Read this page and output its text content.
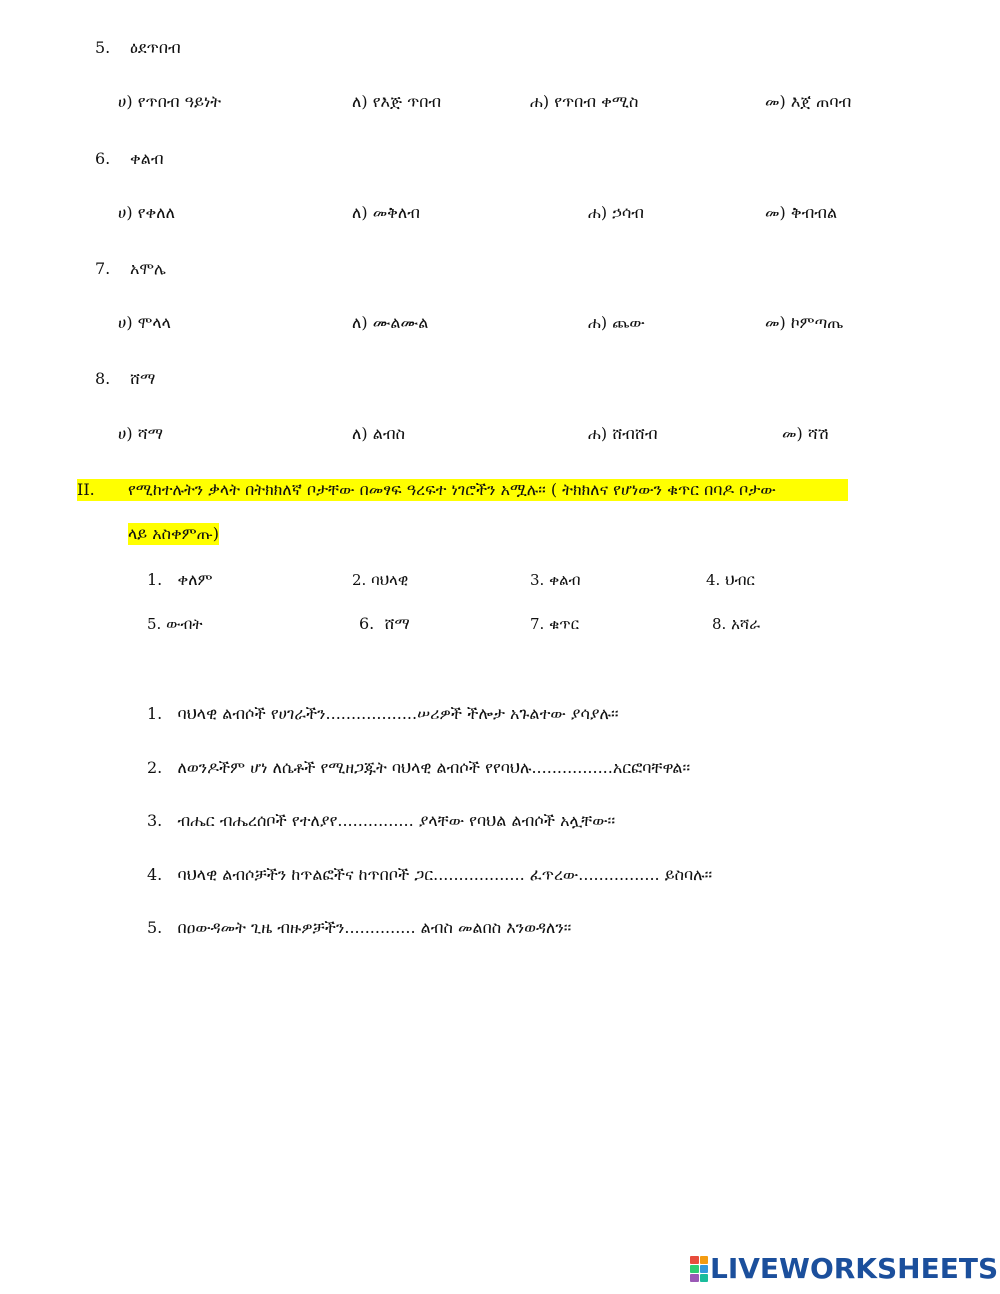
5. ዕደጥበብ
ሀ) የጥበብ ዓይነት	ለ) የእጅ ጥበብ	ሐ) የጥበብ ቀሚስ	መ) እጀ ጠባብ
6. ቀልብ
ሀ) የቀለለ	ለ) መቅለብ	ሐ) ኃሳብ	መ) ቅብብል
7. አሞሌ
ሀ) ሞላላ	ለ) ሙልሙል	ሐ) ጨው	መ) ኮምጣጤ
8. ሸማ
ሀ) ሻማ	ለ) ልብስ	ሐ) ሸብሸብ	መ) ሻሽ
II.	የሚከተሉትን ቃላት በትክክለኛ ቦታቸው በመፃፍ ዓረፍተ ነገሮችን አሟሉ፡፡ ( ትክክለና የሆነውን ቁጥር በባዶ ቦታው
ላይ አስቀምጡ)
1. ቀለም	2. ባህላዊ	3. ቀልብ	4. ህብር
5. ውብት	6. ሸማ	7. ቁጥር	8. አሻራ
1. ባህላዊ ልብሶች የሀገራችን..................ሠሪዎች ችሎታ አጉልተው ያሳያሉ፡፡
2. ለወንዶችም ሆነ ለሴቶች የሚዘጋጁት ባህላዊ ልብሶች የየባህሉ................አርፎባቸዋል፡፡
3. ብሔር ብሔረሰቦች የተለያየ............... ያላቸው የባህል ልብሶች አሏቸው፡፡
4. ባህላዊ ልብሶቻችን ከጥልፎችና ከጥበቦች ጋር.................. ፈጥረው................ ይስባሉ፡፡
5. በዐውዳመት ጊዜ ብዙዎቻችን.............. ልብስ መልበስ እንወዳለን፡፡
LIVEWORKSHEETS
